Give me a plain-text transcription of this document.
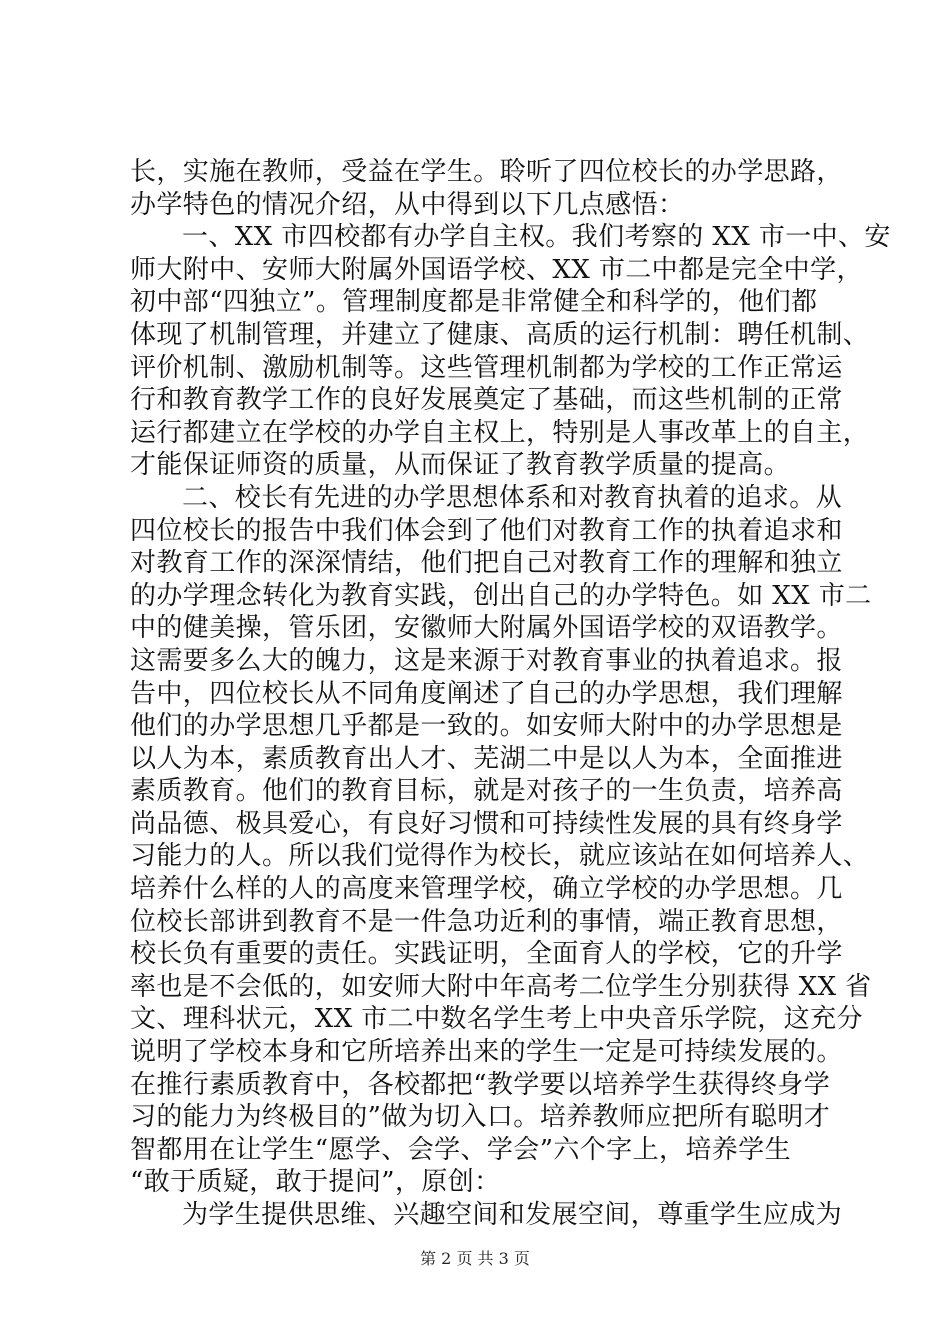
长，实施在教师，受益在学生。聆听了四位校长的办学思路，
办学特色的情况介绍，从中得到以下几点感悟：
一、XX 市四校都有办学自主权。我们考察的 XX 市一中、安
师大附中、安师大附属外国语学校、XX 市二中都是完全中学，
初中部“四独立”。管理制度都是非常健全和科学的，他们都
体现了机制管理，并建立了健康、高质的运行机制：聘任机制、
评价机制、激励机制等。这些管理机制都为学校的工作正常运
行和教育教学工作的良好发展奠定了基础，而这些机制的正常
运行都建立在学校的办学自主权上，特别是人事改革上的自主，
才能保证师资的质量，从而保证了教育教学质量的提高。
二、校长有先进的办学思想体系和对教育执着的追求。从
四位校长的报告中我们体会到了他们对教育工作的执着追求和
对教育工作的深深情结，他们把自己对教育工作的理解和独立
的办学理念转化为教育实践，创出自己的办学特色。如 XX 市二
中的健美操，管乐团，安徽师大附属外国语学校的双语教学。
这需要多么大的魄力，这是来源于对教育事业的执着追求。报
告中，四位校长从不同角度阐述了自己的办学思想，我们理解
他们的办学思想几乎都是一致的。如安师大附中的办学思想是
以人为本，素质教育出人才、芜湖二中是以人为本，全面推进
素质教育。他们的教育目标，就是对孩子的一生负责，培养高
尚品德、极具爱心，有良好习惯和可持续性发展的具有终身学
习能力的人。所以我们觉得作为校长，就应该站在如何培养人、
培养什么样的人的高度来管理学校，确立学校的办学思想。几
位校长部讲到教育不是一件急功近利的事情，端正教育思想，
校长负有重要的责任。实践证明，全面育人的学校，它的升学
率也是不会低的，如安师大附中年高考二位学生分别获得 XX 省
文、理科状元，XX 市二中数名学生考上中央音乐学院，这充分
说明了学校本身和它所培养出来的学生一定是可持续发展的。
在推行素质教育中，各校都把“教学要以培养学生获得终身学
习的能力为终极目的”做为切入口。培养教师应把所有聪明才
智都用在让学生“愿学、会学、学会”六个字上，培养学生
“敢于质疑，敢于提问”，原创：
为学生提供思维、兴趣空间和发展空间，尊重学生应成为
第 2 页 共 3 页
